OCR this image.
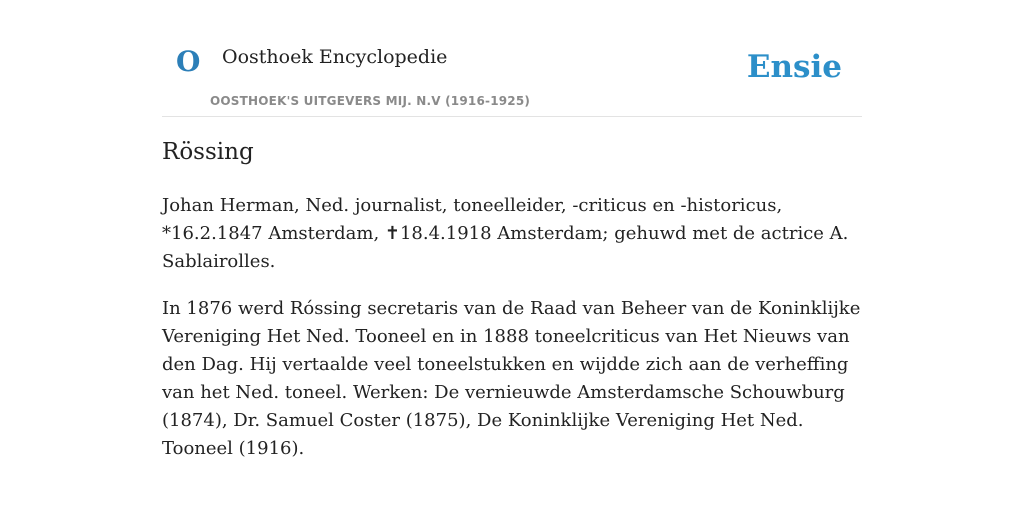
O Oosthoek Encyclopedie
OOSTHOEK'S UITGEVERS MIJ. N.V (1916-1925)
Ensie
Rössing

Johan Herman, Ned. journalist, toneelleider, -criticus en -historicus, *16.2.1847 Amsterdam, ✝18.4.1918 Amsterdam; gehuwd met de actrice A. Sablairolles.

In 1876 werd Róssing secretaris van de Raad van Beheer van de Koninklijke Vereniging Het Ned. Tooneel en in 1888 toneelcriticus van Het Nieuws van den Dag. Hij vertaalde veel toneelstukken en wijdde zich aan de verheffing van het Ned. toneel. Werken: De vernieuwde Amsterdamsche Schouwburg (1874), Dr. Samuel Coster (1875), De Koninklijke Vereniging Het Ned. Tooneel (1916).
